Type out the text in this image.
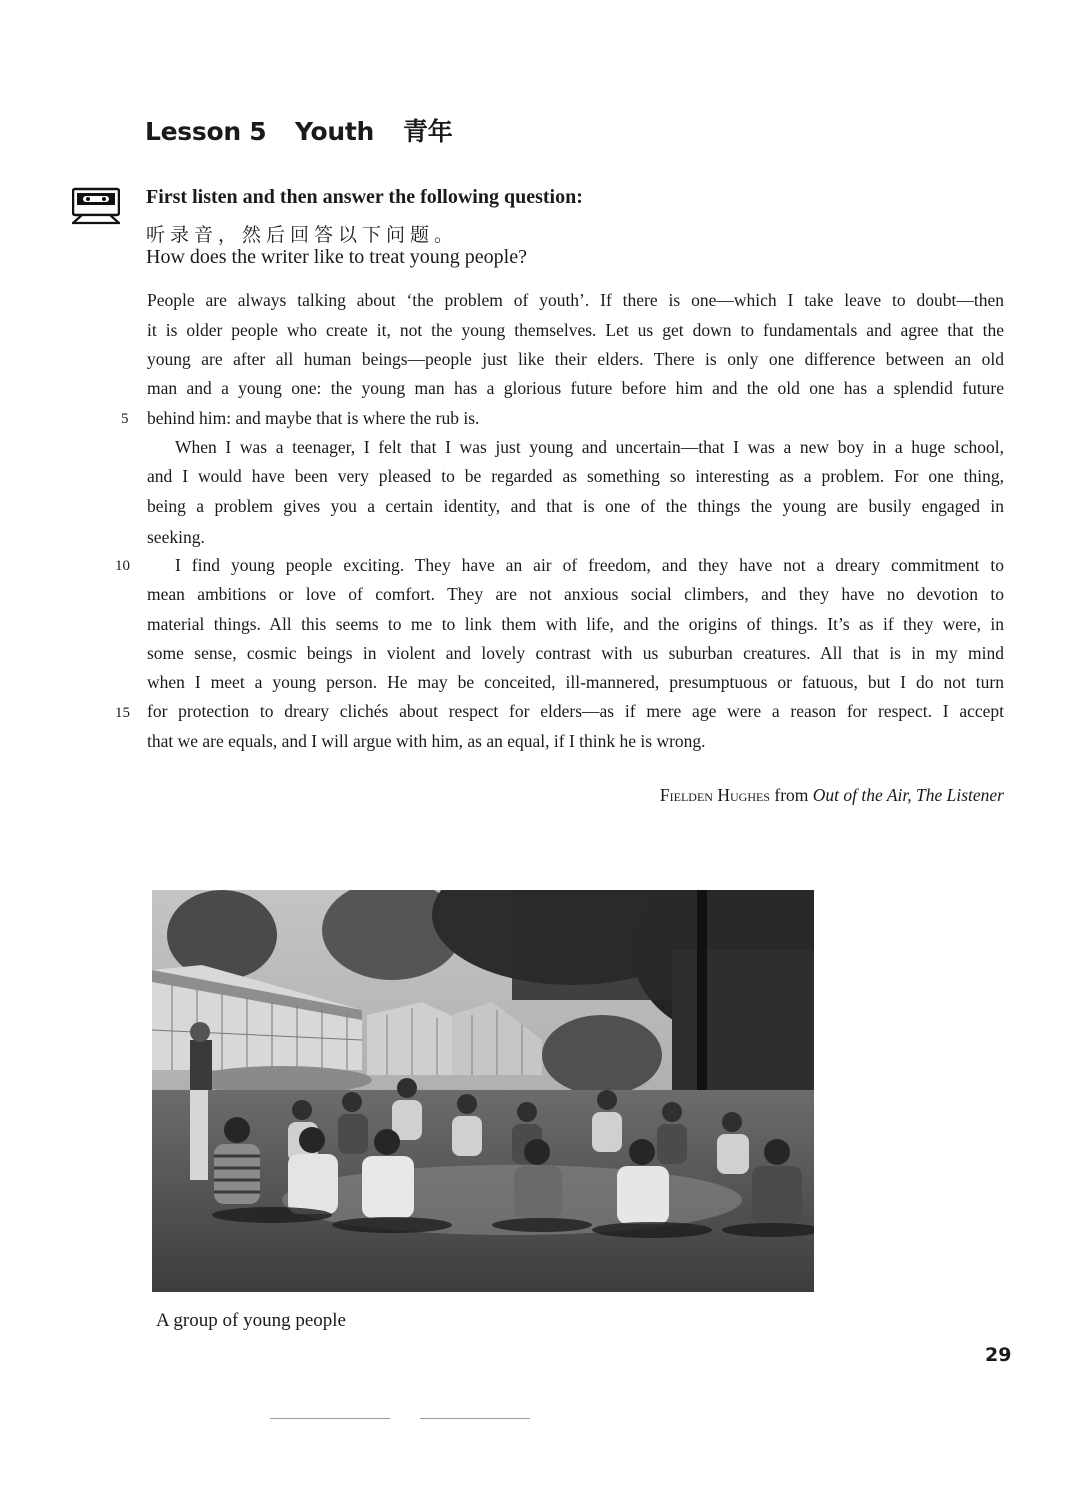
Lesson 5 Youth 青年
First listen and then answer the following question:
听录音，然后回答以下问题。
How does the writer like to treat young people?
People are always talking about ‘the problem of youth’. If there is one—which I take leave to doubt—then
it is older people who create it, not the young themselves. Let us get down to fundamentals and agree that the
young are after all human beings—people just like their elders. There is only one difference between an old
man and a young one: the young man has a glorious future before him and the old one has a splendid future
behind him: and maybe that is where the rub is.
When I was a teenager, I felt that I was just young and uncertain—that I was a new boy in a huge school,
and I would have been very pleased to be regarded as something so interesting as a problem. For one thing,
being a problem gives you a certain identity, and that is one of the things the young are busily engaged in
seeking.
I find young people exciting. They have an air of freedom, and they have not a dreary commitment to
mean ambitions or love of comfort. They are not anxious social climbers, and they have no devotion to
material things. All this seems to me to link them with life, and the origins of things. It’s as if they were, in
some sense, cosmic beings in violent and lovely contrast with us suburban creatures. All that is in my mind
when I meet a young person. He may be conceited, ill-mannered, presumptuous or fatuous, but I do not turn
for protection to dreary clichés about respect for elders—as if mere age were a reason for respect. I accept
that we are equals, and I will argue with him, as an equal, if I think he is wrong.
5
10
15
Fielden Hughes from Out of the Air, The Listener
A group of young people
29
